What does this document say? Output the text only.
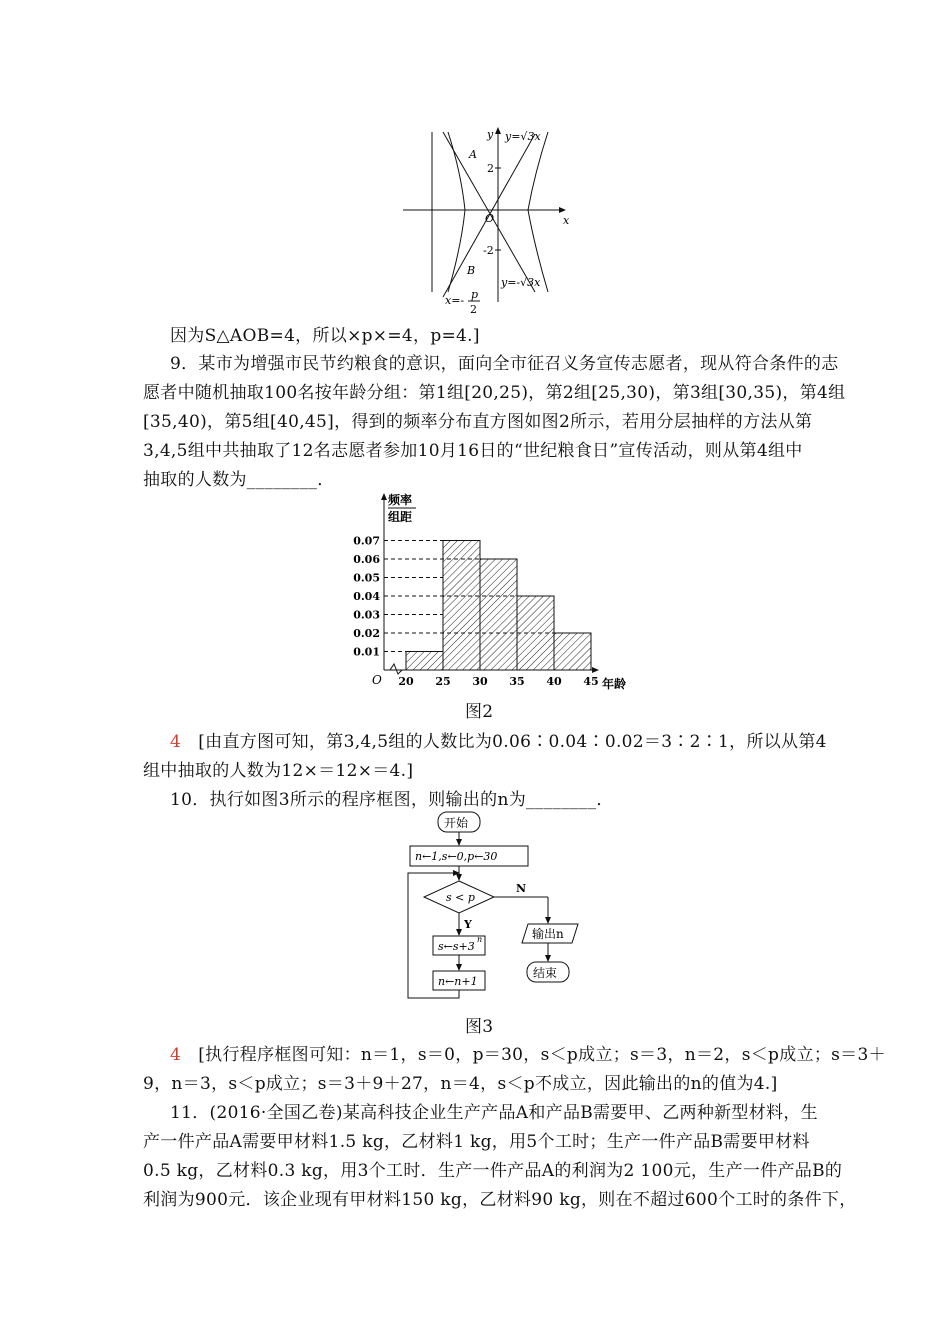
y y=√3x
2
A
O	x
-2
B
y=-√3x
x=- p
2
因为S△AOB=4，所以×p×=4，p=4.]
9．某市为增强市民节约粮食的意识，面向全市征召义务宣传志愿者，现从符合条件的志
愿者中随机抽取100名按年龄分组：第1组[20,25)，第2组[25,30)，第3组[30,35)，第4组
[35,40)，第5组[40,45]，得到的频率分布直方图如图2所示，若用分层抽样的方法从第
3,4,5组中共抽取了12名志愿者参加10月16日的“世纪粮食日”宣传活动，则从第4组中
抽取的人数为________．
频率
组距
O	年龄
0.01
0.02
0.03
0.04
0.05
0.06
0.07
20 25 30 35 40 45
图2
4 [由直方图可知，第3,4,5组的人数比为0.06∶0.04∶0.02＝3∶2∶1，所以从第4
组中抽取的人数为12×＝12×＝4.]
10．执行如图3所示的程序框图，则输出的n为________．
开始
n←1,s←0,p←30
s < p
N
Y
s←s+3
n
n←n+1
输出n
结束
图3
4 [执行程序框图可知：n＝1，s＝0，p＝30，s＜p成立；s＝3，n＝2，s＜p成立；s＝3＋
9，n＝3，s＜p成立；s＝3＋9＋27，n＝4，s＜p不成立，因此输出的n的值为4.]
11．(2016·全国乙卷)某高科技企业生产产品A和产品B需要甲、乙两种新型材料，生
产一件产品A需要甲材料1.5 kg，乙材料1 kg，用5个工时；生产一件产品B需要甲材料
0.5 kg，乙材料0.3 kg，用3个工时．生产一件产品A的利润为2 100元，生产一件产品B的
利润为900元．该企业现有甲材料150 kg，乙材料90 kg，则在不超过600个工时的条件下，
